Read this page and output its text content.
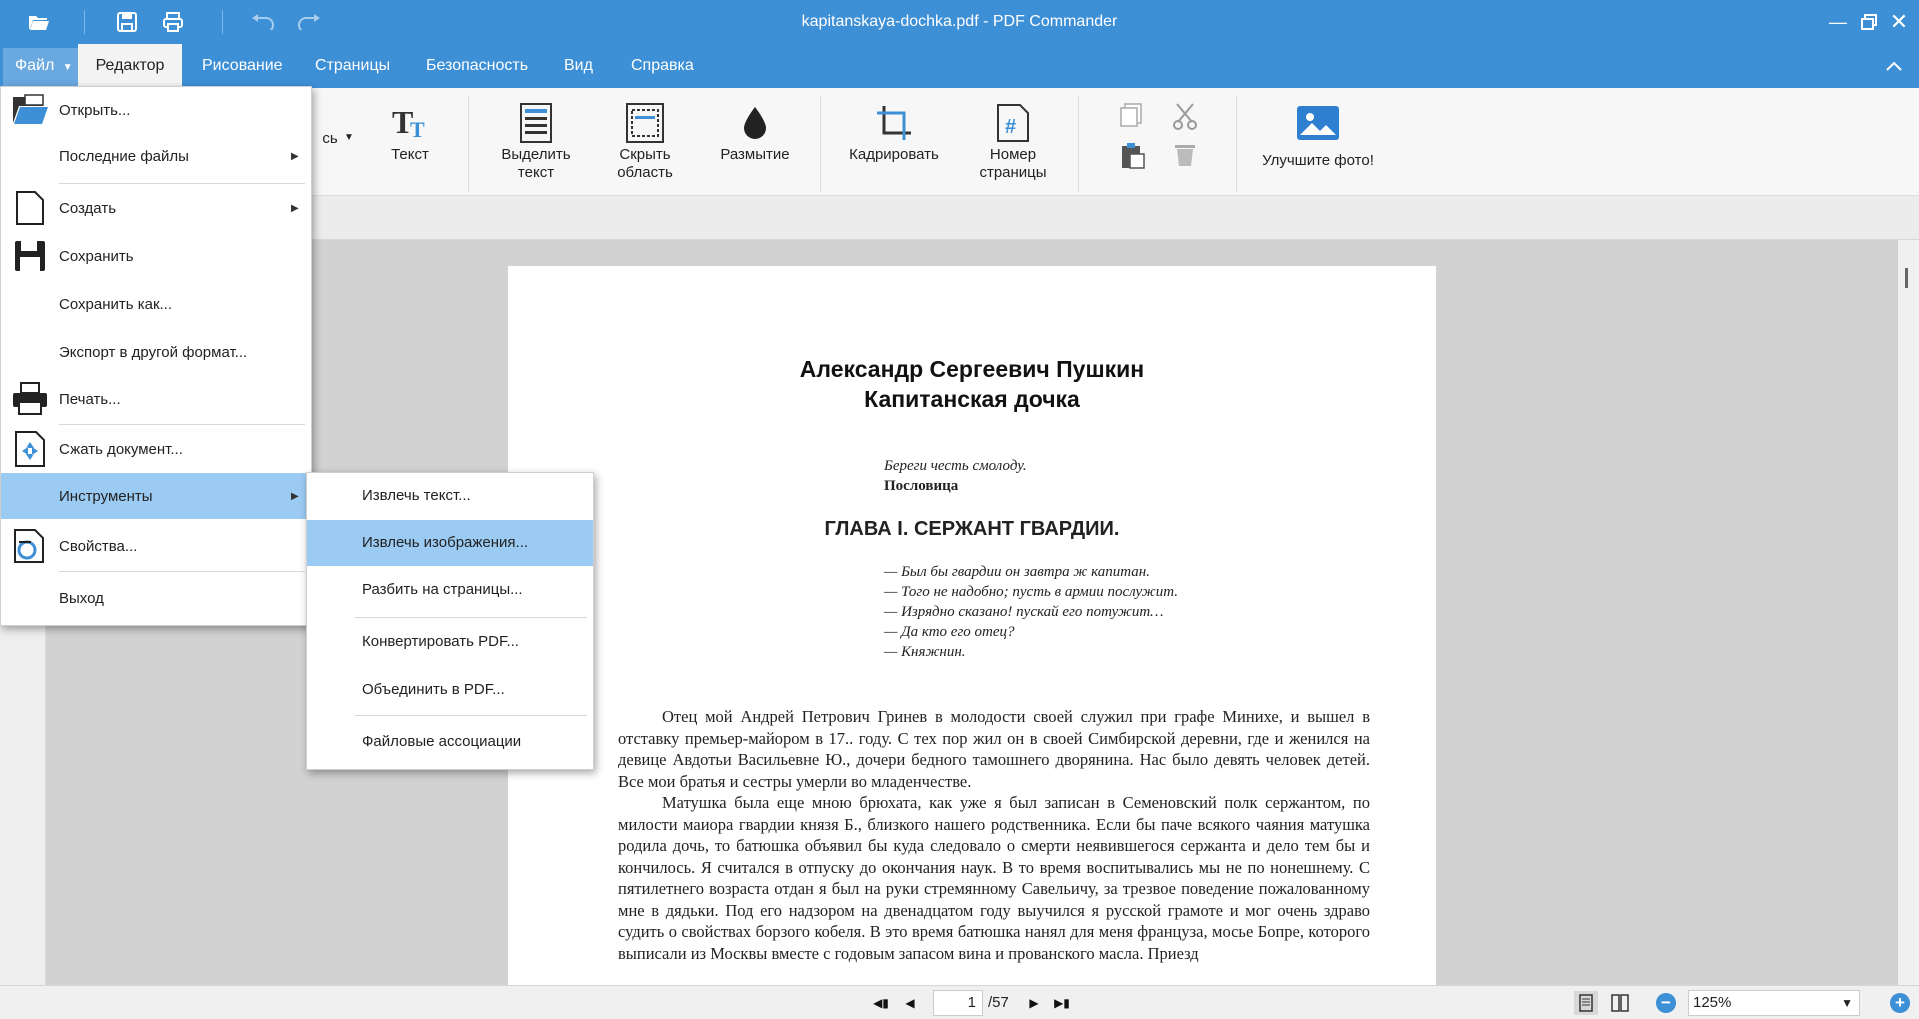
kapitanskaya-dochka.pdf - PDF Commander	— ✕
Файл ▼	Редактор	Рисование	Страницы	Безопасность	Вид	Справка
сь ▼ T
T
Текст	Выделить текст
Скрыть область
Размытие	Кадрировать
#
Номер страницы
Улучшите фото!
Александр Сергеевич Пушкин
Капитанская дочка
Береги честь смолоду.
Пословица
ГЛАВА I. СЕРЖАНТ ГВАРДИИ.
— Был бы гвардии он завтра ж капитан.
— Того не надобно; пусть в армии послужит.
— Изрядно сказано! пускай его потужит…
— Да кто его отец?
— Княжнин.

Отец мой Андрей Петрович Гринев в молодости своей служил при графе Минихе, и вышел в отставку премьер-майором в 17.. году. С тех пор жил он в своей Симбирской деревни, где и женился на девице Авдотьи Васильевне Ю., дочери бедного тамошнего дворянина. Нас было девять человек детей. Все мои братья и сестры умерли во младенчестве.

Матушка была еще мною брюхата, как уже я был записан в Семеновский полк сержантом, по милости маиора гвардии князя Б., близкого нашего родственника. Если бы паче всякого чаяния матушка родила дочь, то батюшка объявил бы куда следовало о смерти неявившегося сержанта и дело тем бы и кончилось. Я считался в отпуску до окончания наук. В то время воспитывались мы не по нонешнему. С пятилетнего возраста отдан я был на руки стремянному Савельичу, за трезвое поведение пожалованному мне в дядьки. Под его надзором на двенадцатом году выучился я русской грамоте и мог очень здраво судить о свойствах борзого кобеля. В это время батюшка нанял для меня француза, мосье Бопре, которого выписали из Москвы вместе с годовым запасом вина и прованского масла. Приезд

◀▮	◀	1 /57	▶	▶▮	−	125%	▼ +
Открыть...
Последние файлы	▶
Создать	▶
Сохранить
Сохранить как...
Экспорт в другой формат...
Печать...
Сжать документ...
Инструменты	▶
Свойства...
Выход
Извлечь текст...
Извлечь изображения...
Разбить на страницы...
Конвертировать PDF...
Объединить в PDF...
Файловые ассоциации
